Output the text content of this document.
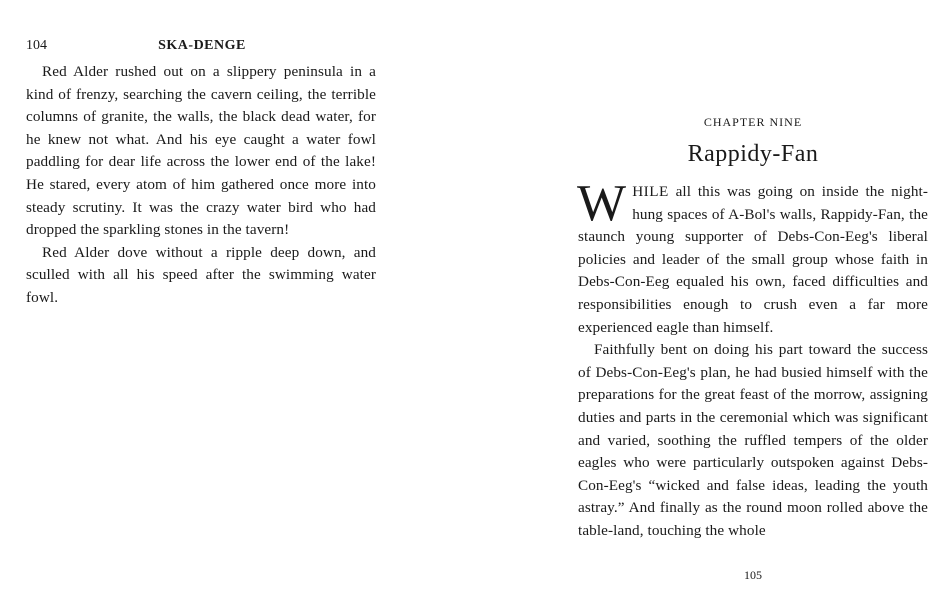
104	SKA-DENGE

Red Alder rushed out on a slippery peninsula in a kind of frenzy, searching the cavern ceiling, the terrible columns of granite, the walls, the black dead water, for he knew not what. And his eye caught a water fowl paddling for dear life across the lower end of the lake! He stared, every atom of him gathered once more into steady scrutiny. It was the crazy water bird who had dropped the sparkling stones in the tavern!

Red Alder dove without a ripple deep down, and sculled with all his speed after the swimming water fowl.

CHAPTER NINE
Rappidy-Fan

WHILE all this was going on inside the night-hung spaces of A-Bol's walls, Rappidy-Fan, the staunch young supporter of Debs-Con-Eeg's liberal policies and leader of the small group whose faith in Debs-Con-Eeg equaled his own, faced difficulties and responsibilities enough to crush even a far more experienced eagle than himself.

Faithfully bent on doing his part toward the success of Debs-Con-Eeg's plan, he had busied himself with the preparations for the great feast of the morrow, assigning duties and parts in the ceremonial which was significant and varied, soothing the ruffled tempers of the older eagles who were particularly outspoken against Debs-Con-Eeg's “wicked and false ideas, leading the youth astray.” And finally as the round moon rolled above the table-land, touching the whole

105
